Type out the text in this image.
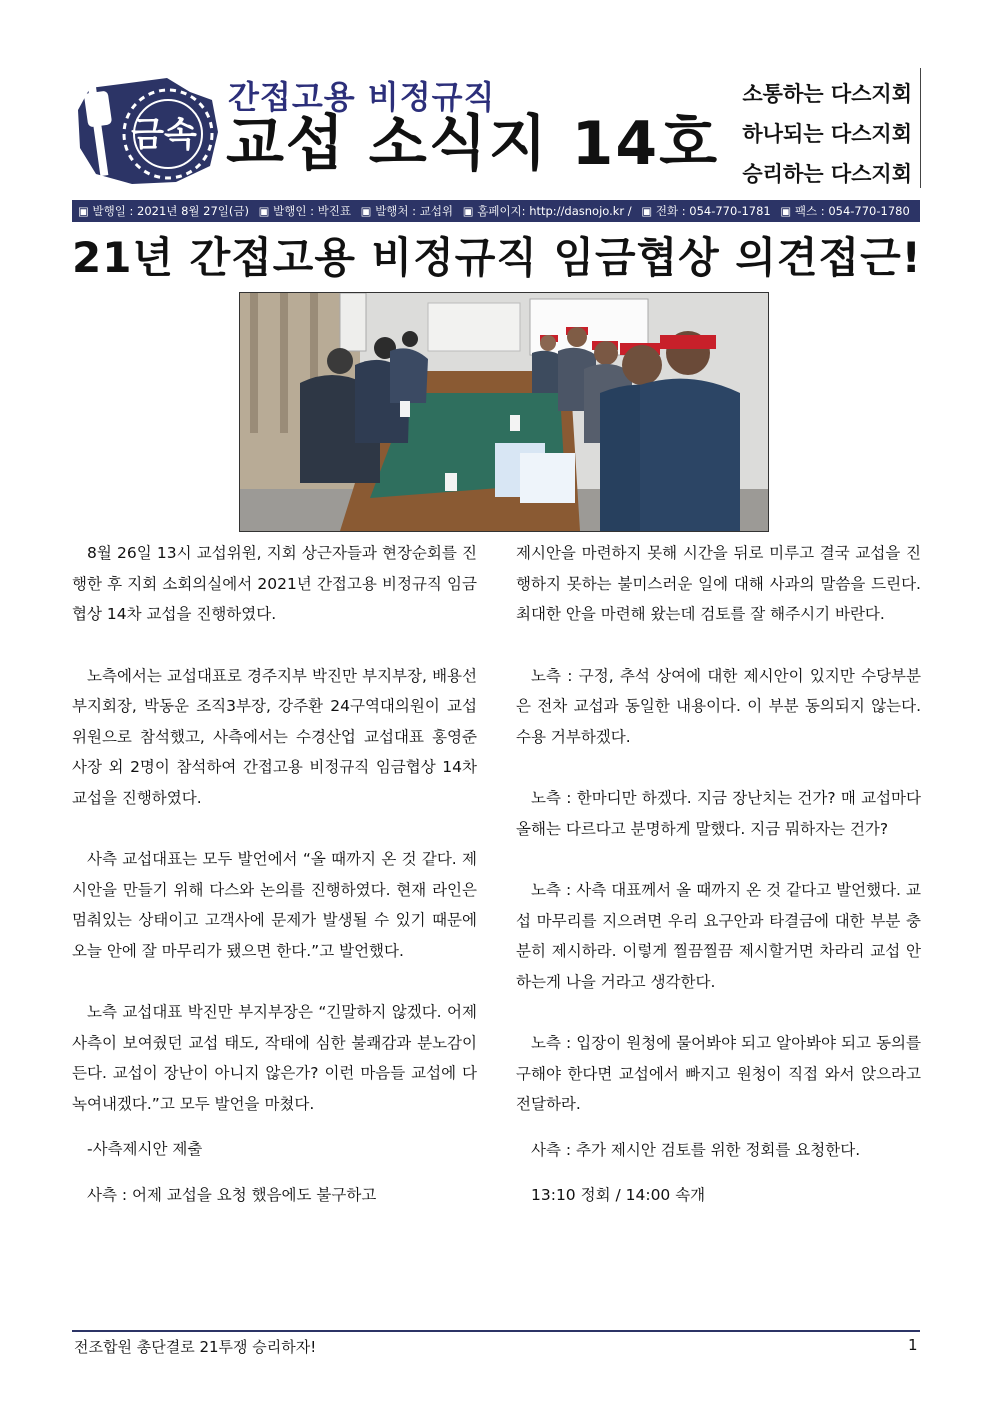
금속
간접고용 비정규직
교섭 소식지 14호
소통하는 다스지회
하나되는 다스지회
승리하는 다스지회
▣ 발행일 : 2021년 8월 27일(금) ▣ 발행인 : 박진표 ▣ 발행처 : 교섭위 ▣ 홈페이지: http://dasnojo.kr / ▣ 전화 : 054-770-1781 ▣ 팩스 : 054-770-1780
21년 간접고용 비정규직 임금협상 의견접근!

8월 26일 13시 교섭위원, 지회 상근자들과 현장순회를 진행한 후 지회 소회의실에서 2021년 간접고용 비정규직 임금협상 14차 교섭을 진행하였다.

노측에서는 교섭대표로 경주지부 박진만 부지부장, 배용선 부지회장, 박동운 조직3부장, 강주환 24구역대의원이 교섭위원으로 참석했고, 사측에서는 수경산업 교섭대표 홍영준 사장 외 2명이 참석하여 간접고용 비정규직 임금협상 14차 교섭을 진행하였다.

사측 교섭대표는 모두 발언에서 “올 때까지 온 것 같다. 제시안을 만들기 위해 다스와 논의를 진행하였다. 현재 라인은 멈춰있는 상태이고 고객사에 문제가 발생될 수 있기 때문에 오늘 안에 잘 마무리가 됐으면 한다.”고 발언했다.

노측 교섭대표 박진만 부지부장은 “긴말하지 않겠다. 어제 사측이 보여줬던 교섭 태도, 작태에 심한 불쾌감과 분노감이 든다. 교섭이 장난이 아니지 않은가? 이런 마음들 교섭에 다 녹여내겠다.”고 모두 발언을 마쳤다.

-사측제시안 제출

사측 : 어제 교섭을 요청 했음에도 불구하고

제시안을 마련하지 못해 시간을 뒤로 미루고 결국 교섭을 진행하지 못하는 불미스러운 일에 대해 사과의 말씀을 드린다. 최대한 안을 마련해 왔는데 검토를 잘 해주시기 바란다.

노측 : 구정, 추석 상여에 대한 제시안이 있지만 수당부분은 전차 교섭과 동일한 내용이다. 이 부분 동의되지 않는다. 수용 거부하겠다.

노측 : 한마디만 하겠다. 지금 장난치는 건가? 매 교섭마다 올해는 다르다고 분명하게 말했다. 지금 뭐하자는 건가?

노측 : 사측 대표께서 올 때까지 온 것 같다고 발언했다. 교섭 마무리를 지으려면 우리 요구안과 타결금에 대한 부분 충분히 제시하라. 이렇게 찔끔찔끔 제시할거면 차라리 교섭 안 하는게 나을 거라고 생각한다.

노측 : 입장이 원청에 물어봐야 되고 알아봐야 되고 동의를 구해야 한다면 교섭에서 빠지고 원청이 직접 와서 앉으라고 전달하라.

사측 : 추가 제시안 검토를 위한 정회를 요청한다.

13:10 정회 / 14:00 속개

전조합원 총단결로 21투쟁 승리하자!	1
